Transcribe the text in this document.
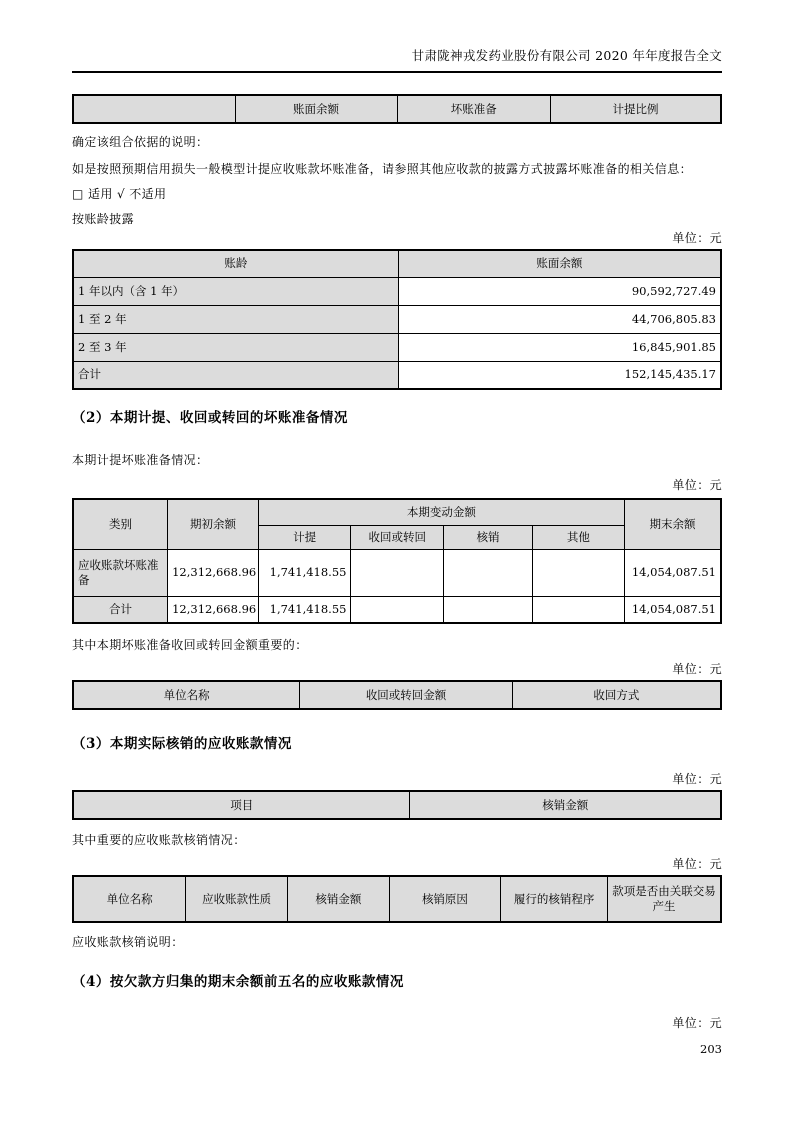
甘肃陇神戎发药业股份有限公司 2020 年年度报告全文
	账面余额	坏账准备	计提比例

确定该组合依据的说明：

如是按照预期信用损失一般模型计提应收账款坏账准备，请参照其他应收款的披露方式披露坏账准备的相关信息：

□ 适用 √ 不适用

按账龄披露

单位：元
账龄	账面余额
1 年以内（含 1 年）	90,592,727.49
1 至 2 年	44,706,805.83
2 至 3 年	16,845,901.85
合计	152,145,435.17
（2）本期计提、收回或转回的坏账准备情况

本期计提坏账准备情况：

单位：元
类别	期初余额	本期变动金额				期末余额
		计提	收回或转回	核销	其他	
应收账款坏账准备	12,312,668.96	1,741,418.55				14,054,087.51
合计	12,312,668.96	1,741,418.55				14,054,087.51

其中本期坏账准备收回或转回金额重要的：

单位：元
单位名称	收回或转回金额	收回方式
（3）本期实际核销的应收账款情况
单位：元
项目	核销金额

其中重要的应收账款核销情况：

单位：元
单位名称	应收账款性质	核销金额	核销原因	履行的核销程序	款项是否由关联交易产生

应收账款核销说明：

（4）按欠款方归集的期末余额前五名的应收账款情况
单位：元
203
